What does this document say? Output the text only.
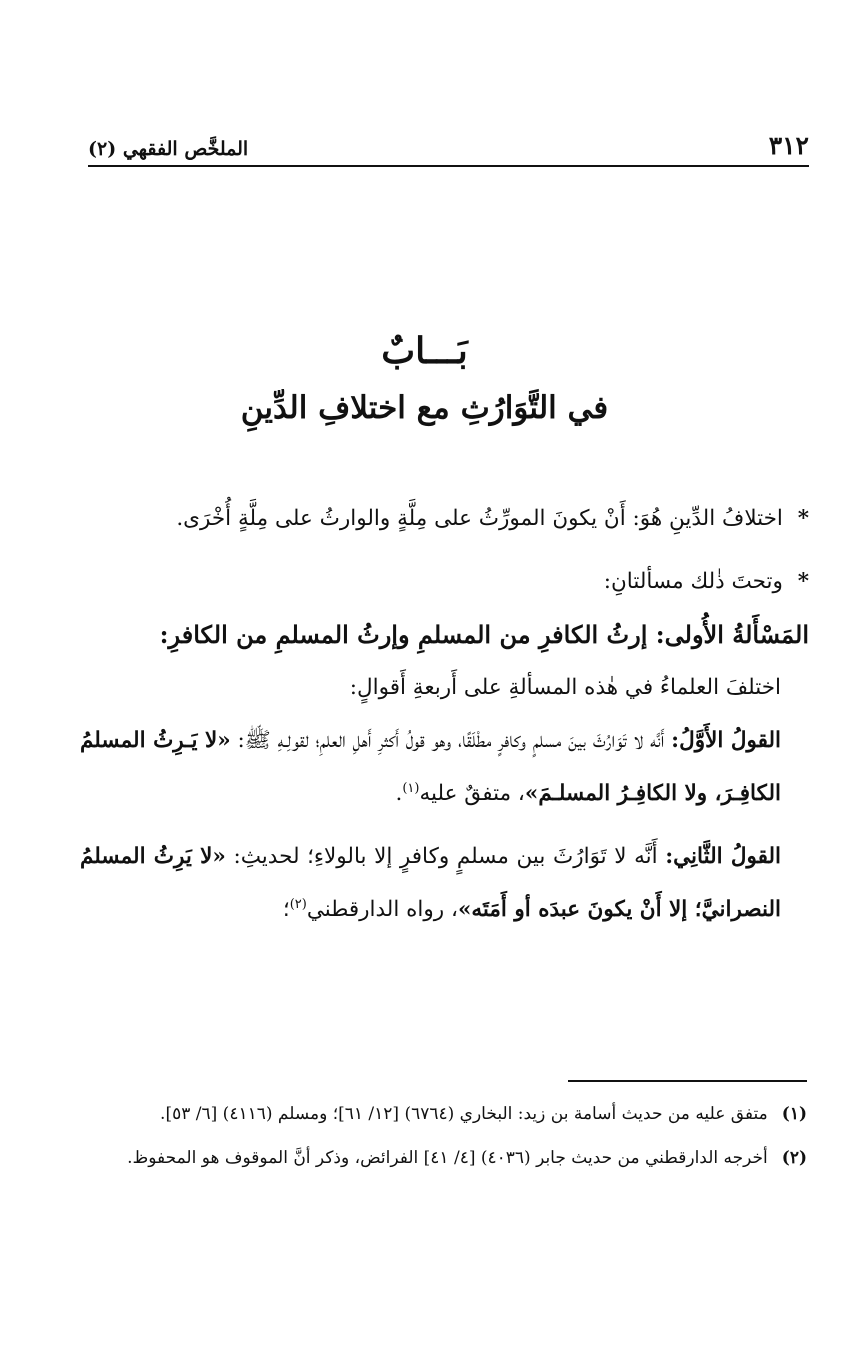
٣١٢
الملخَّص الفقهي (٢)
بَـــابٌ
في التَّوَارُثِ مع اختلافِ الدِّينِ

* اختلافُ الدِّينِ هُوَ: أَنْ يكونَ المورِّثُ على مِلَّةٍ والوارثُ على مِلَّةٍ أُخْرَى.

* وتحتَ ذٰلك مسألتانِ:

المَسْأَلةُ الأُولى: إرثُ الكافرِ من المسلمِ وإرثُ المسلمِ من الكافرِ:

اختلفَ العلماءُ في هٰذه المسألةِ على أَربعةِ أَقوالٍ:

القولُ الأَوَّلُ: أَنَّه لا تَوَارُثَ بينَ مسلمٍ وكافرٍ مطْلَقًا، وهو قولُ أَكثرِ أَهلِ العلمِ؛ لقولِـهِ ﷺ: «لا يَـرِثُ المسلمُ الكافِـرَ، ولا الكافِـرُ المسلـمَ»، متفقٌ عليه$^{(١)}$.

القولُ الثَّانِي: أَنَّه لا تَوَارُثَ بين مسلمٍ وكافرٍ إلا بالولاءِ؛ لحديثِ: «لا يَرِثُ المسلمُ النصرانيَّ؛ إلا أَنْ يكونَ عبدَه أو أَمَتَه»، رواه الدارقطني$^{(٢)}$؛

(١)
متفق عليه من حديث أسامة بن زيد: البخاري (٦٧٦٤) [١٢/ ٦١]؛ ومسلم (٤١١٦) [٦/ ٥٣].
(٢)
أخرجه الدارقطني من حديث جابر (٤٠٣٦) [٤/ ٤١] الفرائض، وذكر أنَّ الموقوف هو المحفوظ.
